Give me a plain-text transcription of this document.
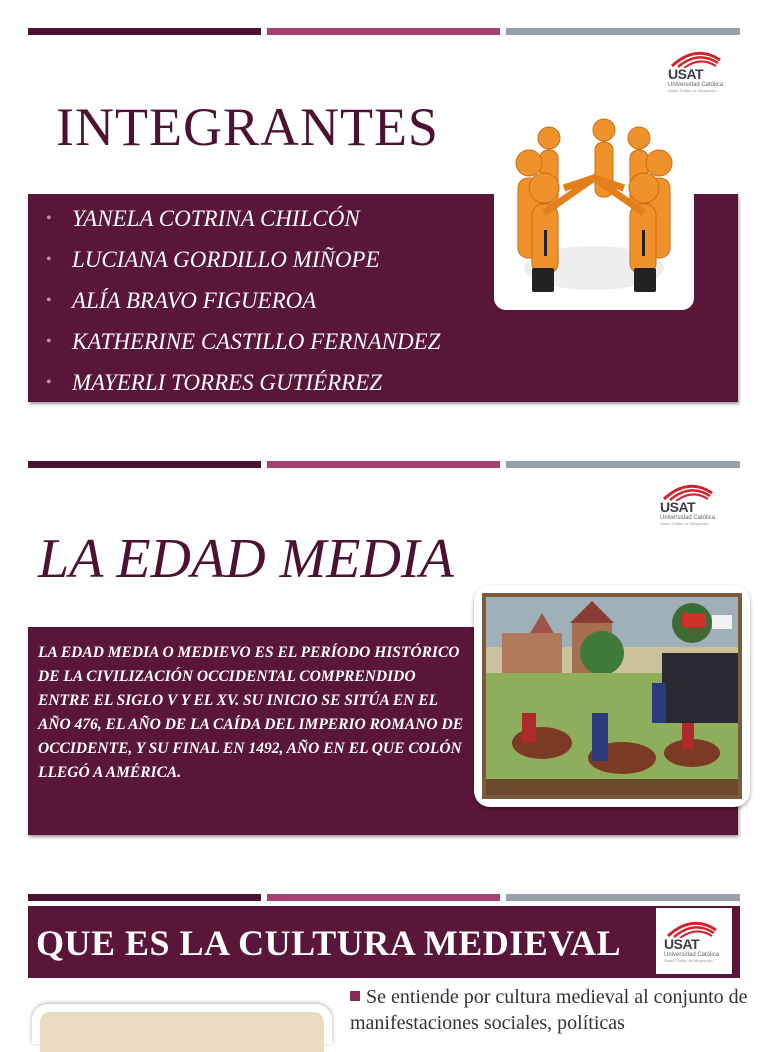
USAT
Universidad Católica
Santo Toribio de Mogrovejo
INTEGRANTES
• YANELA COTRINA CHILCÓN
• LUCIANA GORDILLO MIÑOPE
• ALÍA BRAVO FIGUEROA
• KATHERINE CASTILLO FERNANDEZ
• MAYERLI TORRES GUTIÉRREZ
USAT
Universidad Católica
Santo Toribio de Mogrovejo
LA EDAD MEDIA

LA EDAD MEDIA O MEDIEVO ES EL PERÍODO HISTÓRICO DE LA CIVILIZACIÓN OCCIDENTAL COMPRENDIDO ENTRE EL SIGLO V Y EL XV. SU INICIO SE SITÚA EN EL AÑO 476, EL AÑO DE LA CAÍDA DEL IMPERIO ROMANO DE OCCIDENTE, Y SU FINAL EN 1492, AÑO EN EL QUE COLÓN LLEGÓ A AMÉRICA.

QUE ES LA CULTURA MEDIEVAL	USAT
Universidad Católica
Santo Toribio de Mogrovejo
Se entiende por cultura medieval al conjunto de manifestaciones sociales, políticas
